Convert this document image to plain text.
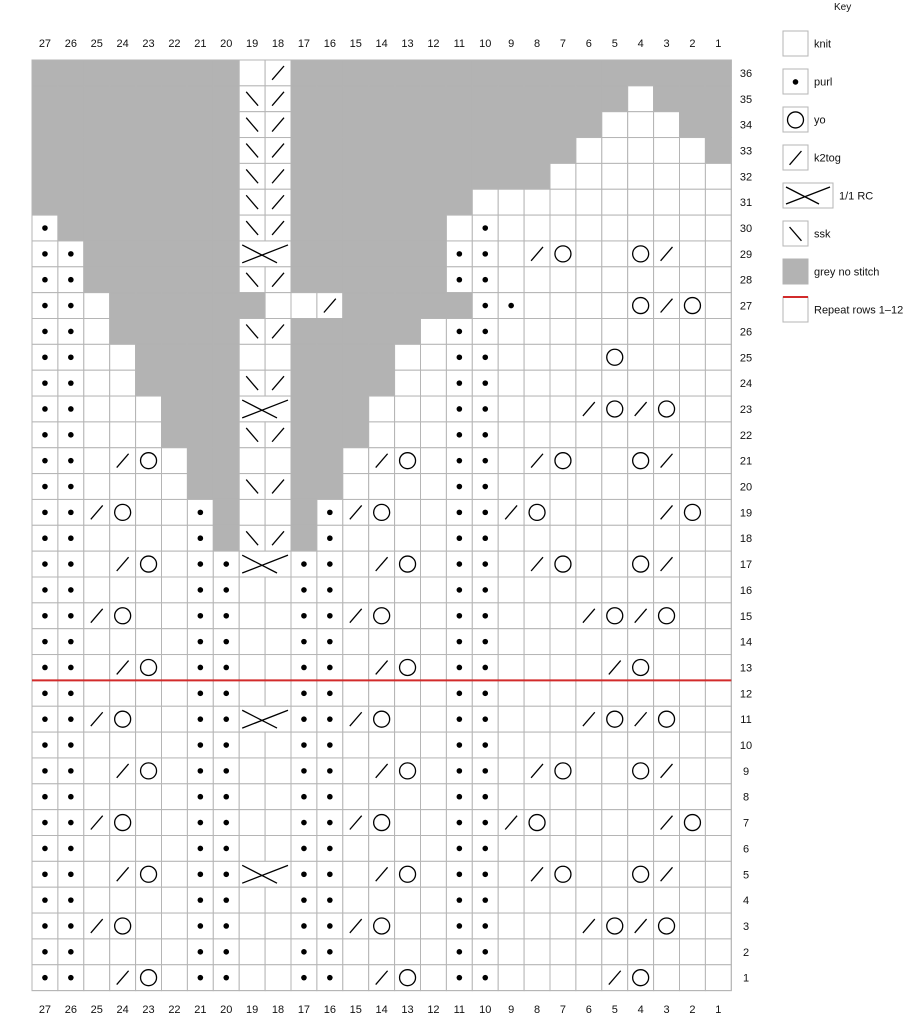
27 26 25 24 23 22 21 20 19 18 17 16 15 14 13 12 11 10 9 8 7 6 5 4 3 2 1
27 26 25 24 23 22 21 20 19 18 17 16 15 14 13 12 11 10 9 8 7 6 5 4 3 2 1
36
35
34
33
32
31
30
29
28
27
26
25
24
23
22
21
20
19
18
17
16
15
14
13
12
11
10
9
8
7
6
5
4
3
2
1
Key
knit
purl
yo
k2tog
1/1 RC
ssk
grey no stitch
Repeat rows 1–12
